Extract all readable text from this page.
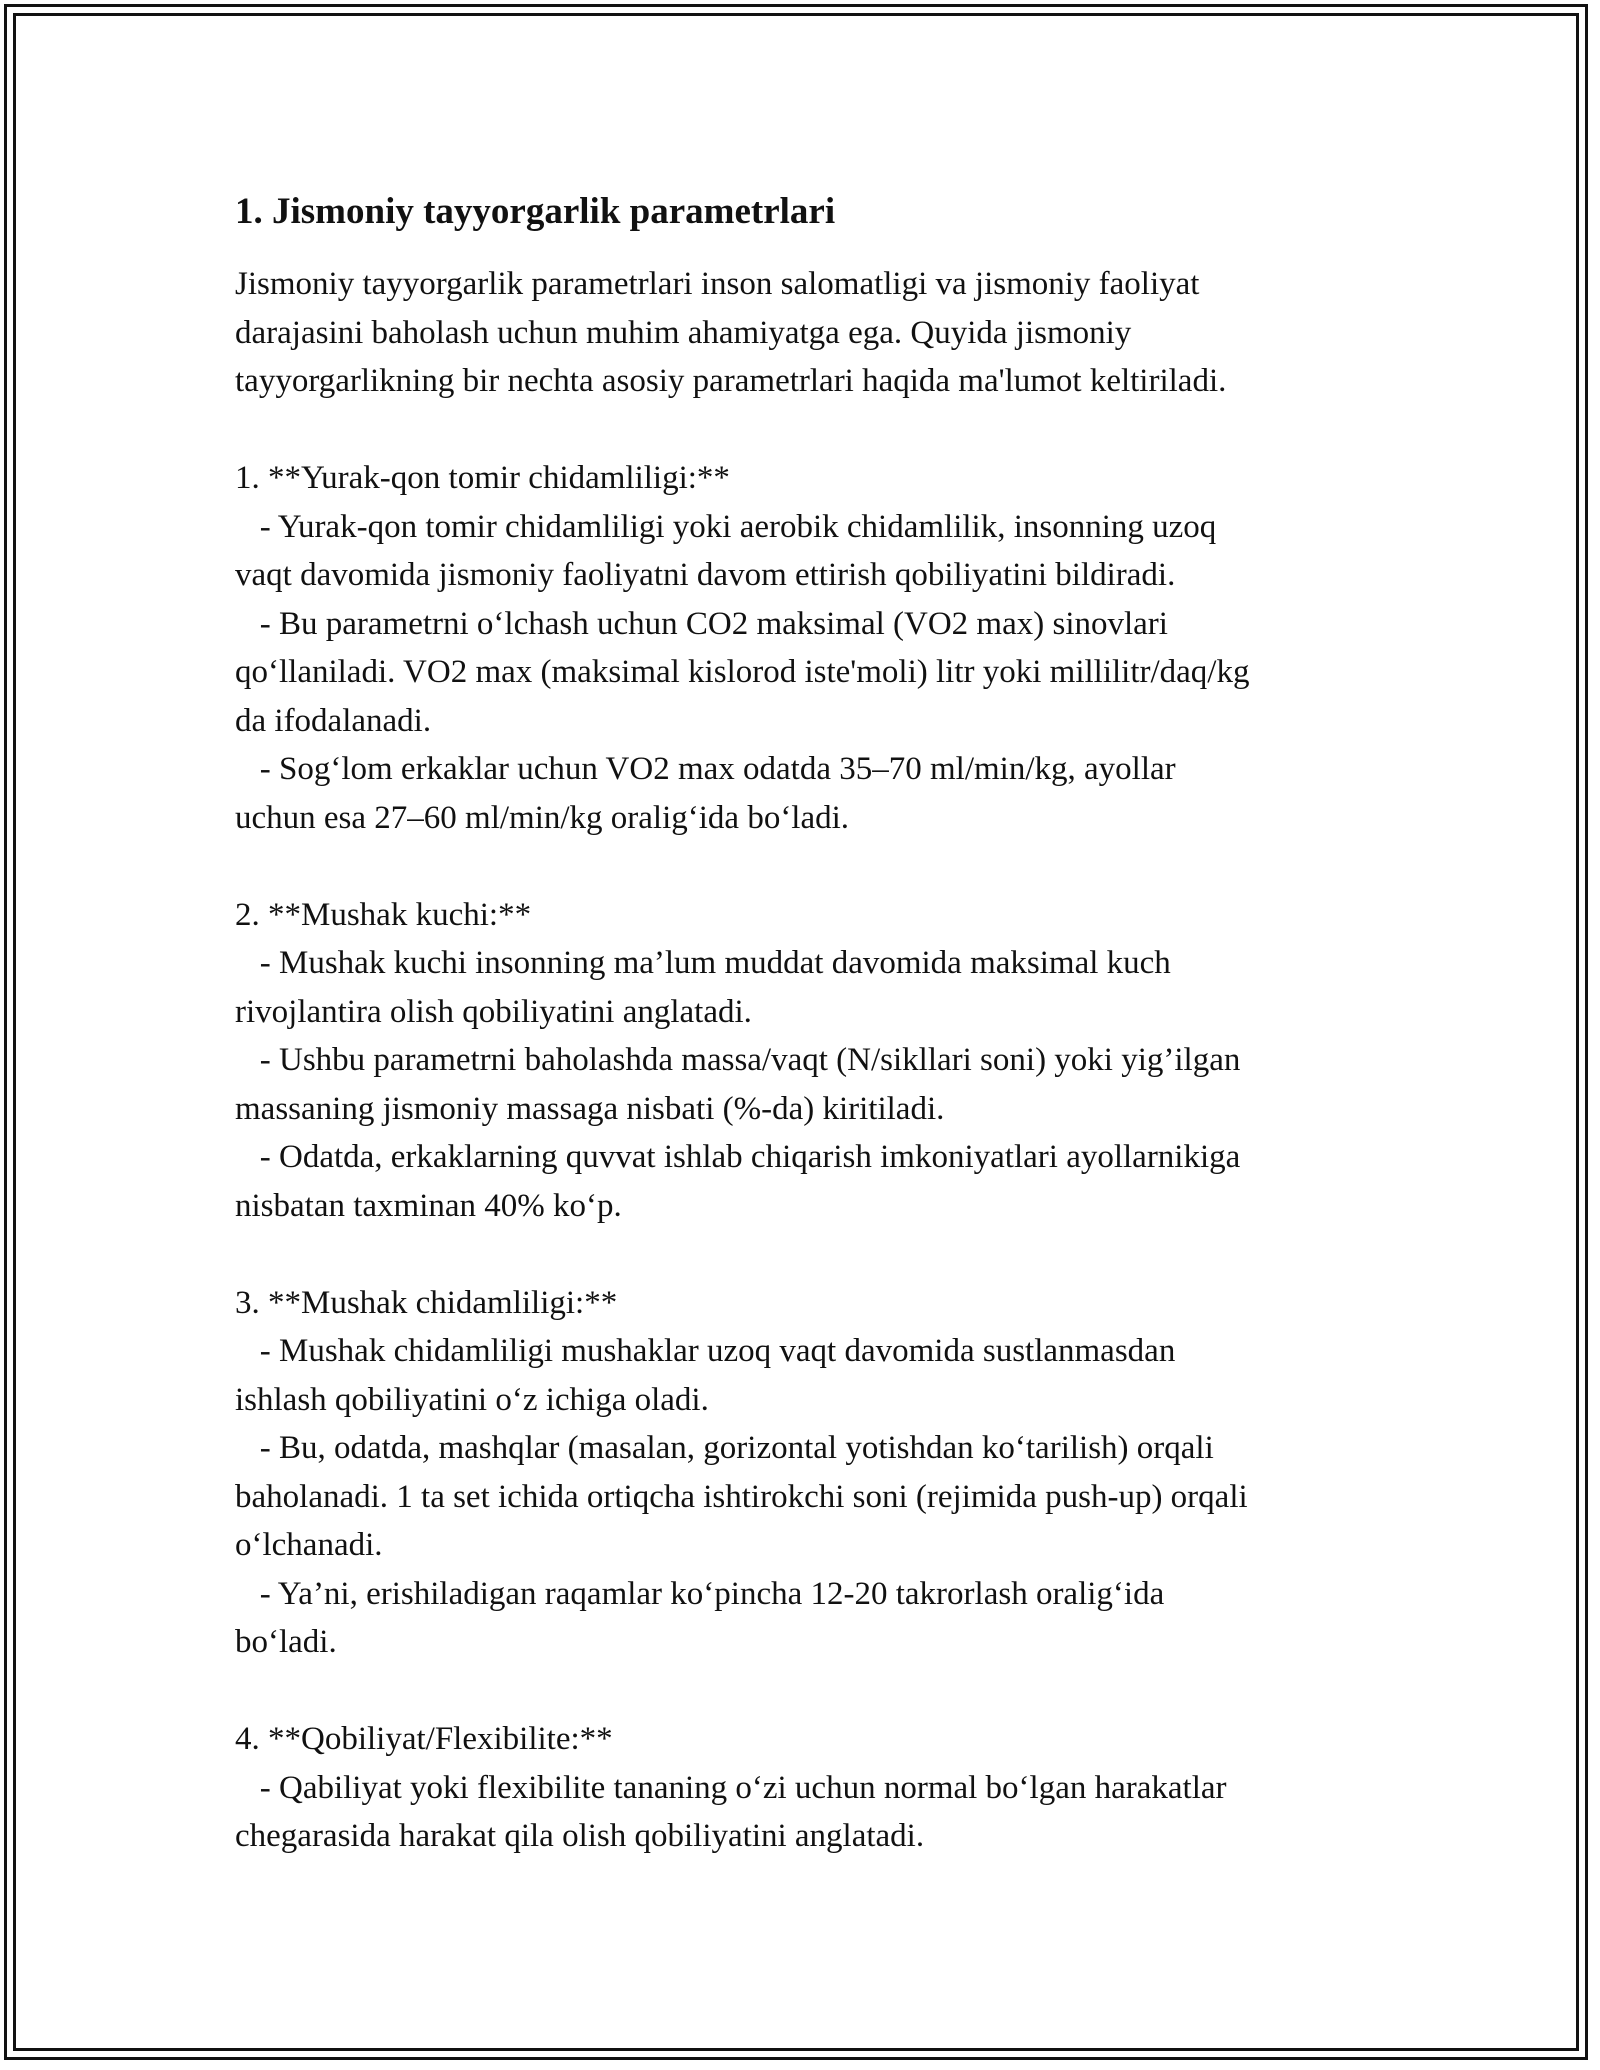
1. Jismoniy tayyorgarlik parametrlari
Jismoniy tayyorgarlik parametrlari inson salomatligi va jismoniy faoliyat
darajasini baholash uchun muhim ahamiyatga ega. Quyida jismoniy
tayyorgarlikning bir nechta asosiy parametrlari haqida ma'lumot keltiriladi.
1. **Yurak-qon tomir chidamliligi:**
- Yurak-qon tomir chidamliligi yoki aerobik chidamlilik, insonning uzoq
vaqt davomida jismoniy faoliyatni davom ettirish qobiliyatini bildiradi.
- Bu parametrni o‘lchash uchun CO2 maksimal (VO2 max) sinovlari
qo‘llaniladi. VO2 max (maksimal kislorod iste'moli) litr yoki millilitr/daq/kg
da ifodalanadi.
- Sog‘lom erkaklar uchun VO2 max odatda 35–70 ml/min/kg, ayollar
uchun esa 27–60 ml/min/kg oralig‘ida bo‘ladi.
2. **Mushak kuchi:**
- Mushak kuchi insonning ma’lum muddat davomida maksimal kuch
rivojlantira olish qobiliyatini anglatadi.
- Ushbu parametrni baholashda massa/vaqt (N/sikllari soni) yoki yig’ilgan
massaning jismoniy massaga nisbati (%-da) kiritiladi.
- Odatda, erkaklarning quvvat ishlab chiqarish imkoniyatlari ayollarnikiga
nisbatan taxminan 40% ko‘p.
3. **Mushak chidamliligi:**
- Mushak chidamliligi mushaklar uzoq vaqt davomida sustlanmasdan
ishlash qobiliyatini o‘z ichiga oladi.
- Bu, odatda, mashqlar (masalan, gorizontal yotishdan ko‘tarilish) orqali
baholanadi. 1 ta set ichida ortiqcha ishtirokchi soni (rejimida push-up) orqali
o‘lchanadi.
- Ya’ni, erishiladigan raqamlar ko‘pincha 12-20 takrorlash oralig‘ida
bo‘ladi.
4. **Qobiliyat/Flexibilite:**
- Qabiliyat yoki flexibilite tananing o‘zi uchun normal bo‘lgan harakatlar
chegarasida harakat qila olish qobiliyatini anglatadi.
